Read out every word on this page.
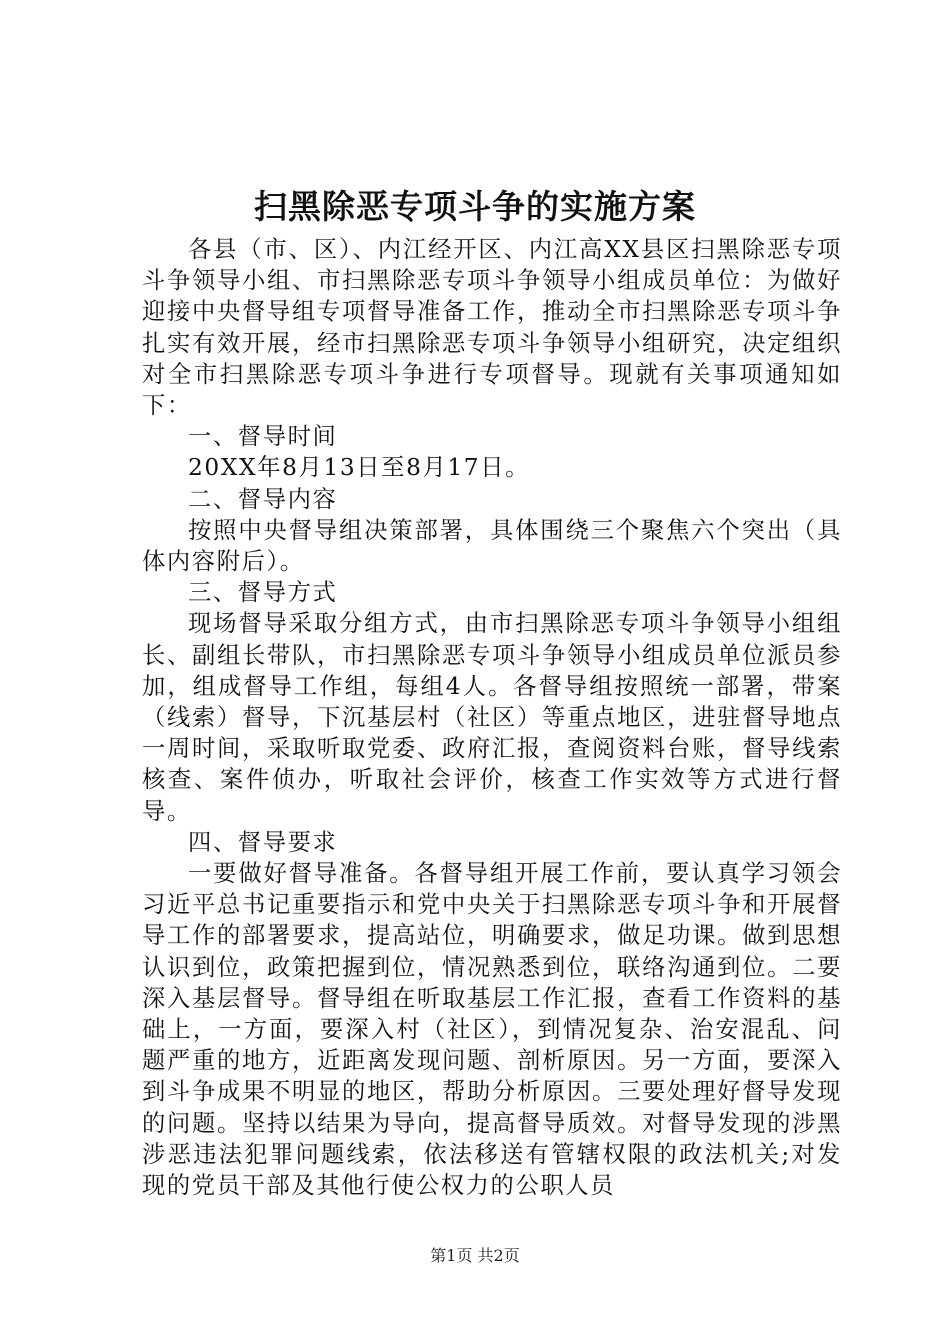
扫黑除恶专项斗争的实施方案

各县（市、区）、内江经开区、内江高XX县区扫黑除恶专项斗争领导小组、市扫黑除恶专项斗争领导小组成员单位：为做好迎接中央督导组专项督导准备工作，推动全市扫黑除恶专项斗争扎实有效开展，经市扫黑除恶专项斗争领导小组研究，决定组织对全市扫黑除恶专项斗争进行专项督导。现就有关事项通知如下：

一、督导时间

20XX年8月13日至8月17日。

二、督导内容

按照中央督导组决策部署，具体围绕三个聚焦六个突出（具体内容附后）。

三、督导方式

现场督导采取分组方式，由市扫黑除恶专项斗争领导小组组长、副组长带队，市扫黑除恶专项斗争领导小组成员单位派员参加，组成督导工作组，每组4人。各督导组按照统一部署，带案（线索）督导，下沉基层村（社区）等重点地区，进驻督导地点一周时间，采取听取党委、政府汇报，查阅资料台账，督导线索核查、案件侦办，听取社会评价，核查工作实效等方式进行督导。

四、督导要求

一要做好督导准备。各督导组开展工作前，要认真学习领会习近平总书记重要指示和党中央关于扫黑除恶专项斗争和开展督导工作的部署要求，提高站位，明确要求，做足功课。做到思想认识到位，政策把握到位，情况熟悉到位，联络沟通到位。二要深入基层督导。督导组在听取基层工作汇报，查看工作资料的基础上，一方面，要深入村（社区），到情况复杂、治安混乱、问题严重的地方，近距离发现问题、剖析原因。另一方面，要深入到斗争成果不明显的地区，帮助分析原因。三要处理好督导发现的问题。坚持以结果为导向，提高督导质效。对督导发现的涉黑涉恶违法犯罪问题线索，依法移送有管辖权限的政法机关;对发现的党员干部及其他行使公权力的公职人员

第1页 共2页
